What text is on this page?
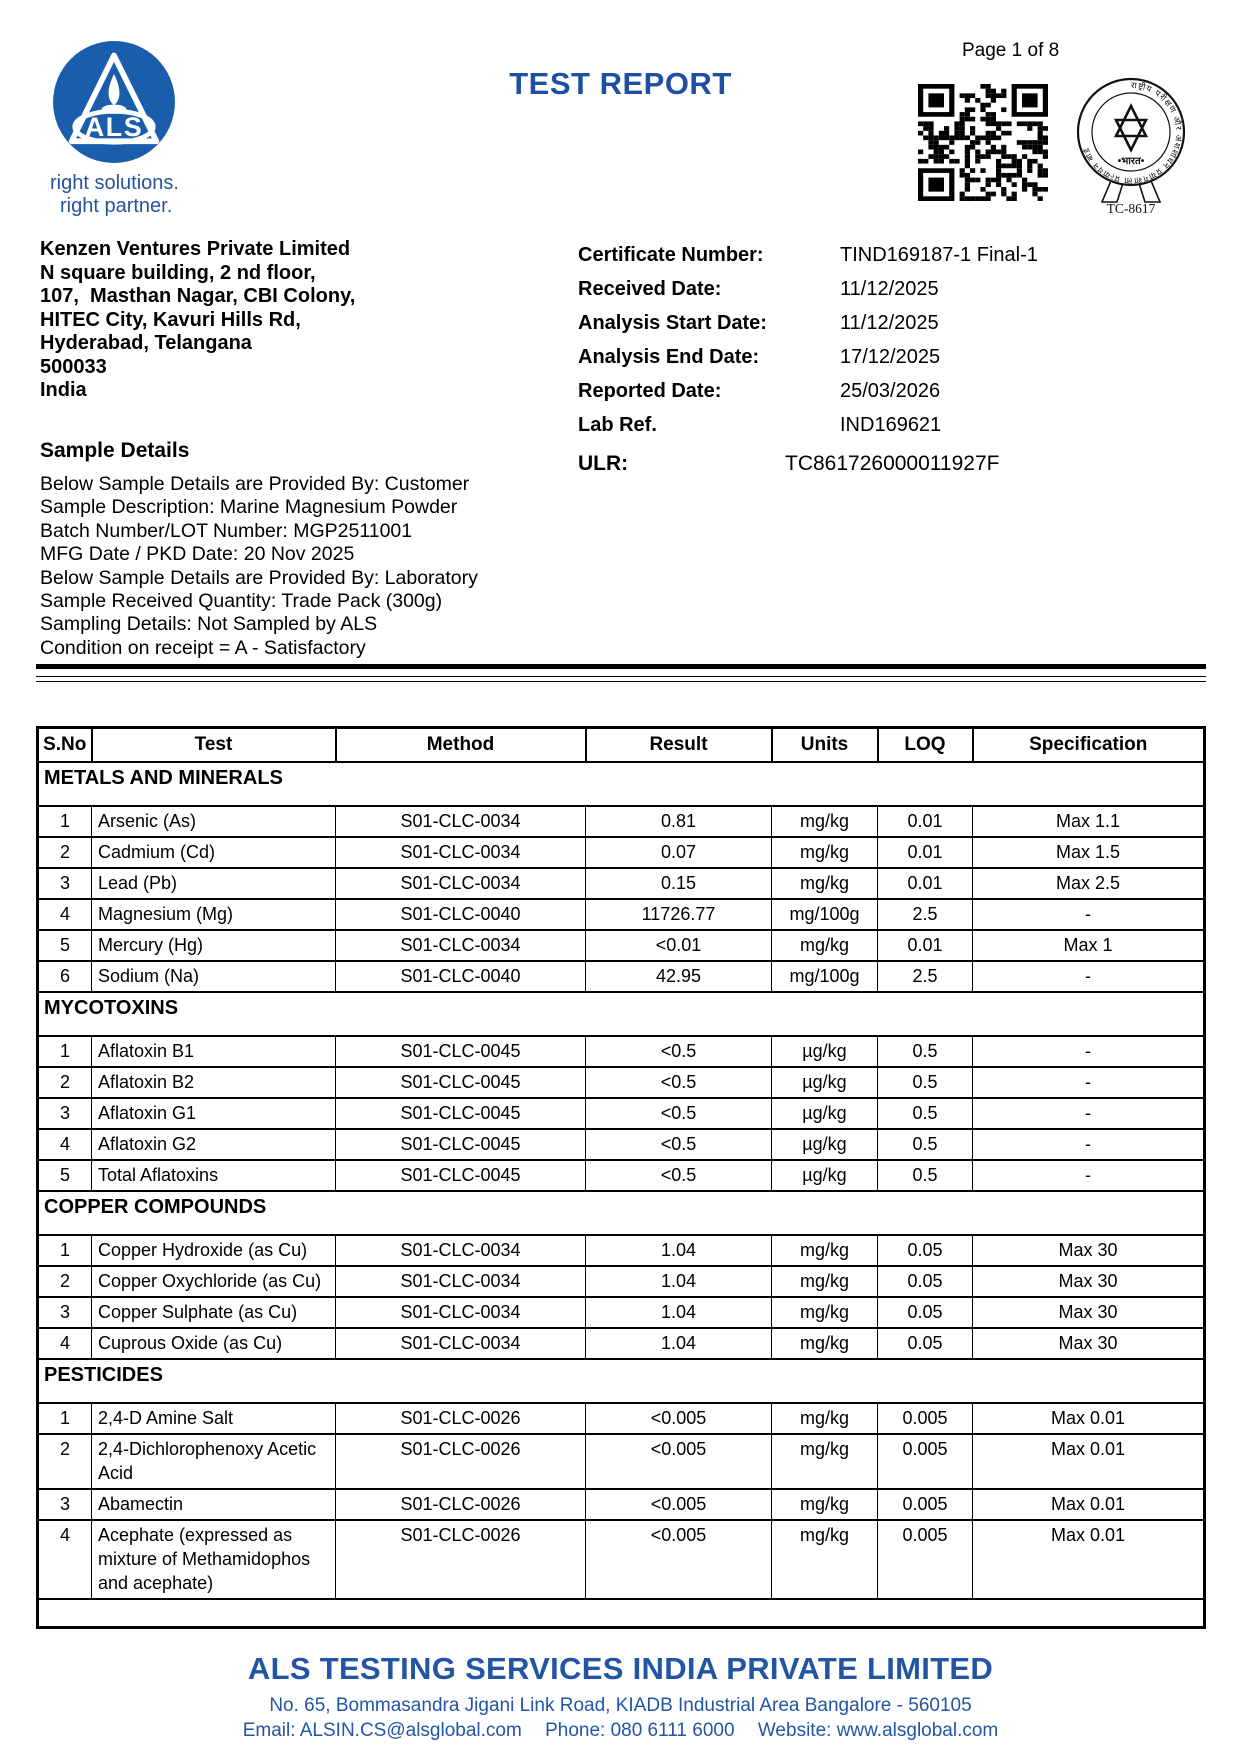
Page 1 of 8
TEST REPORT
ALS
right solutions.
right partner.
राष्ट्रीय परीक्षण और अंशशोधन प्रयोगशाला प्रत्यायन बोर्ड
•भारत•
TC-8617
Kenzen Ventures Private Limited
N square building, 2 nd floor,
107,  Masthan Nagar, CBI Colony,
HITEC City, Kavuri Hills Rd,
Hyderabad, Telangana
500033
India
Certificate Number:	TIND169187-1 Final-1
Received Date:	11/12/2025
Analysis Start Date:	11/12/2025
Analysis End Date:	17/12/2025
Reported Date:	25/03/2026
Lab Ref.	IND169621
ULR:	TC861726000011927F
Sample Details
Below Sample Details are Provided By: Customer
Sample Description: Marine Magnesium Powder
Batch Number/LOT Number: MGP2511001
MFG Date / PKD Date: 20 Nov 2025
Below Sample Details are Provided By: Laboratory
Sample Received Quantity: Trade Pack (300g)
Sampling Details: Not Sampled by ALS
Condition on receipt = A - Satisfactory
S.No	Test	Method	Result	Units	LOQ	Specification
METALS AND MINERALS						
1	Arsenic (As)	S01-CLC-0034	0.81	mg/kg	0.01	Max 1.1
2	Cadmium (Cd)	S01-CLC-0034	0.07	mg/kg	0.01	Max 1.5
3	Lead (Pb)	S01-CLC-0034	0.15	mg/kg	0.01	Max 2.5
4	Magnesium (Mg)	S01-CLC-0040	11726.77	mg/100g	2.5	-
5	Mercury (Hg)	S01-CLC-0034	<0.01	mg/kg	0.01	Max 1
6	Sodium (Na)	S01-CLC-0040	42.95	mg/100g	2.5	-
MYCOTOXINS						
1	Aflatoxin B1	S01-CLC-0045	<0.5	µg/kg	0.5	-
2	Aflatoxin B2	S01-CLC-0045	<0.5	µg/kg	0.5	-
3	Aflatoxin G1	S01-CLC-0045	<0.5	µg/kg	0.5	-
4	Aflatoxin G2	S01-CLC-0045	<0.5	µg/kg	0.5	-
5	Total Aflatoxins	S01-CLC-0045	<0.5	µg/kg	0.5	-
COPPER COMPOUNDS						
1	Copper Hydroxide (as Cu)	S01-CLC-0034	1.04	mg/kg	0.05	Max 30
2	Copper Oxychloride (as Cu)	S01-CLC-0034	1.04	mg/kg	0.05	Max 30
3	Copper Sulphate (as Cu)	S01-CLC-0034	1.04	mg/kg	0.05	Max 30
4	Cuprous Oxide (as Cu)	S01-CLC-0034	1.04	mg/kg	0.05	Max 30
PESTICIDES						
1	2,4-D Amine Salt	S01-CLC-0026	<0.005	mg/kg	0.005	Max 0.01
2	2,4-Dichlorophenoxy Acetic Acid	S01-CLC-0026	<0.005	mg/kg	0.005	Max 0.01
3	Abamectin	S01-CLC-0026	<0.005	mg/kg	0.005	Max 0.01
4	Acephate (expressed as mixture of Methamidophos and acephate)	S01-CLC-0026	<0.005	mg/kg	0.005	Max 0.01

ALS TESTING SERVICES INDIA PRIVATE LIMITED
No. 65, Bommasandra Jigani Link Road, KIADB Industrial Area Bangalore - 560105
Email: ALSIN.CS@alsglobal.com Phone: 080 6111 6000 Website: www.alsglobal.com
